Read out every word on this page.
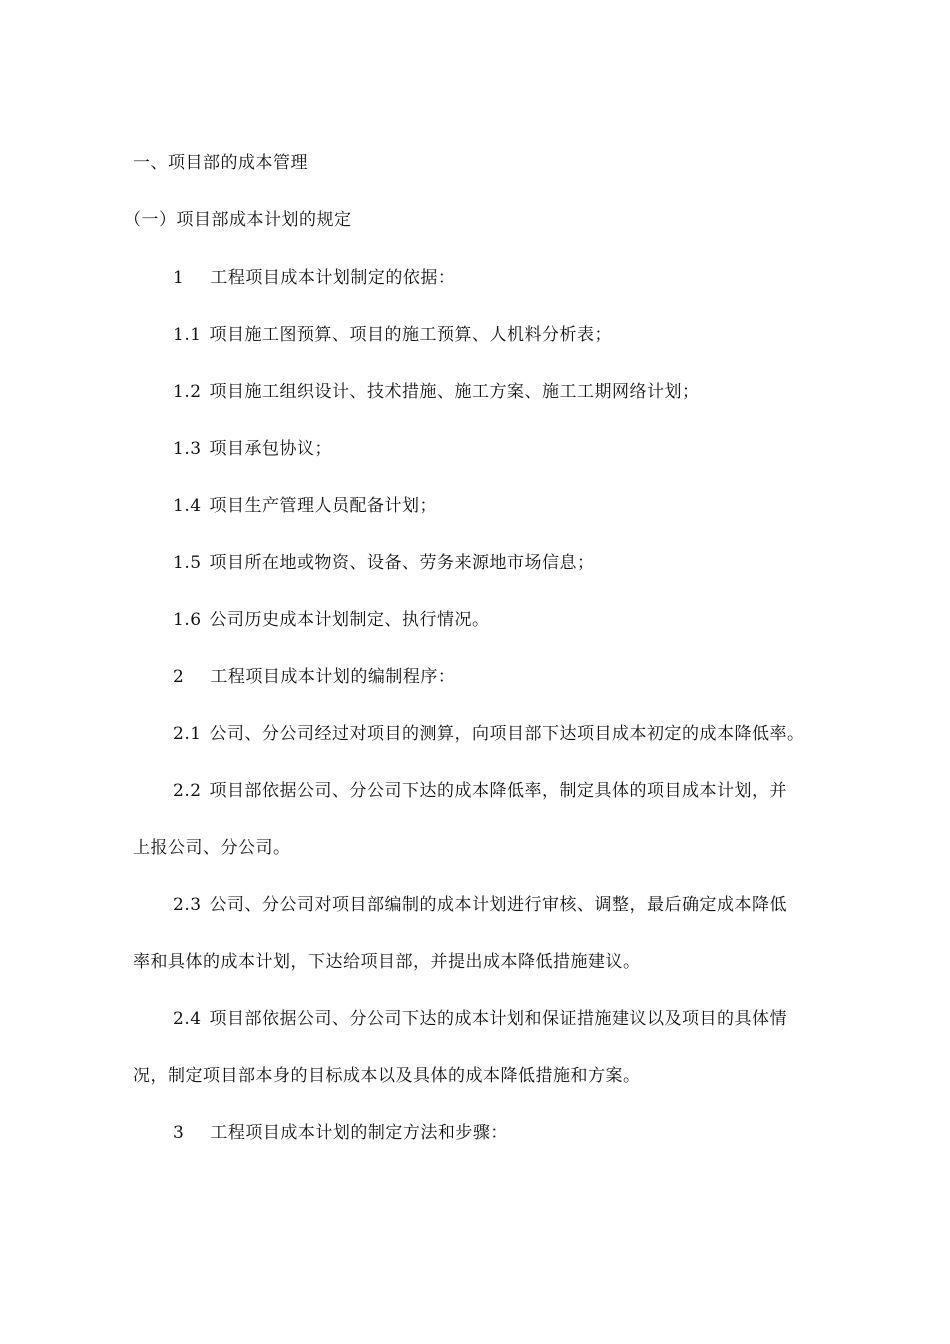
一、项目部的成本管理
（一）项目部成本计划的规定
1 工程项目成本计划制定的依据：
1.1 项目施工图预算、项目的施工预算、人机料分析表；
1.2 项目施工组织设计、技术措施、施工方案、施工工期网络计划；
1.3 项目承包协议；
1.4 项目生产管理人员配备计划；
1.5 项目所在地或物资、设备、劳务来源地市场信息；
1.6 公司历史成本计划制定、执行情况。
2 工程项目成本计划的编制程序：
2.1 公司、分公司经过对项目的测算，向项目部下达项目成本初定的成本降低率。
2.2 项目部依据公司、分公司下达的成本降低率，制定具体的项目成本计划，并
上报公司、分公司。
2.3 公司、分公司对项目部编制的成本计划进行审核、调整，最后确定成本降低
率和具体的成本计划，下达给项目部，并提出成本降低措施建议。
2.4 项目部依据公司、分公司下达的成本计划和保证措施建议以及项目的具体情
况，制定项目部本身的目标成本以及具体的成本降低措施和方案。
3 工程项目成本计划的制定方法和步骤：
